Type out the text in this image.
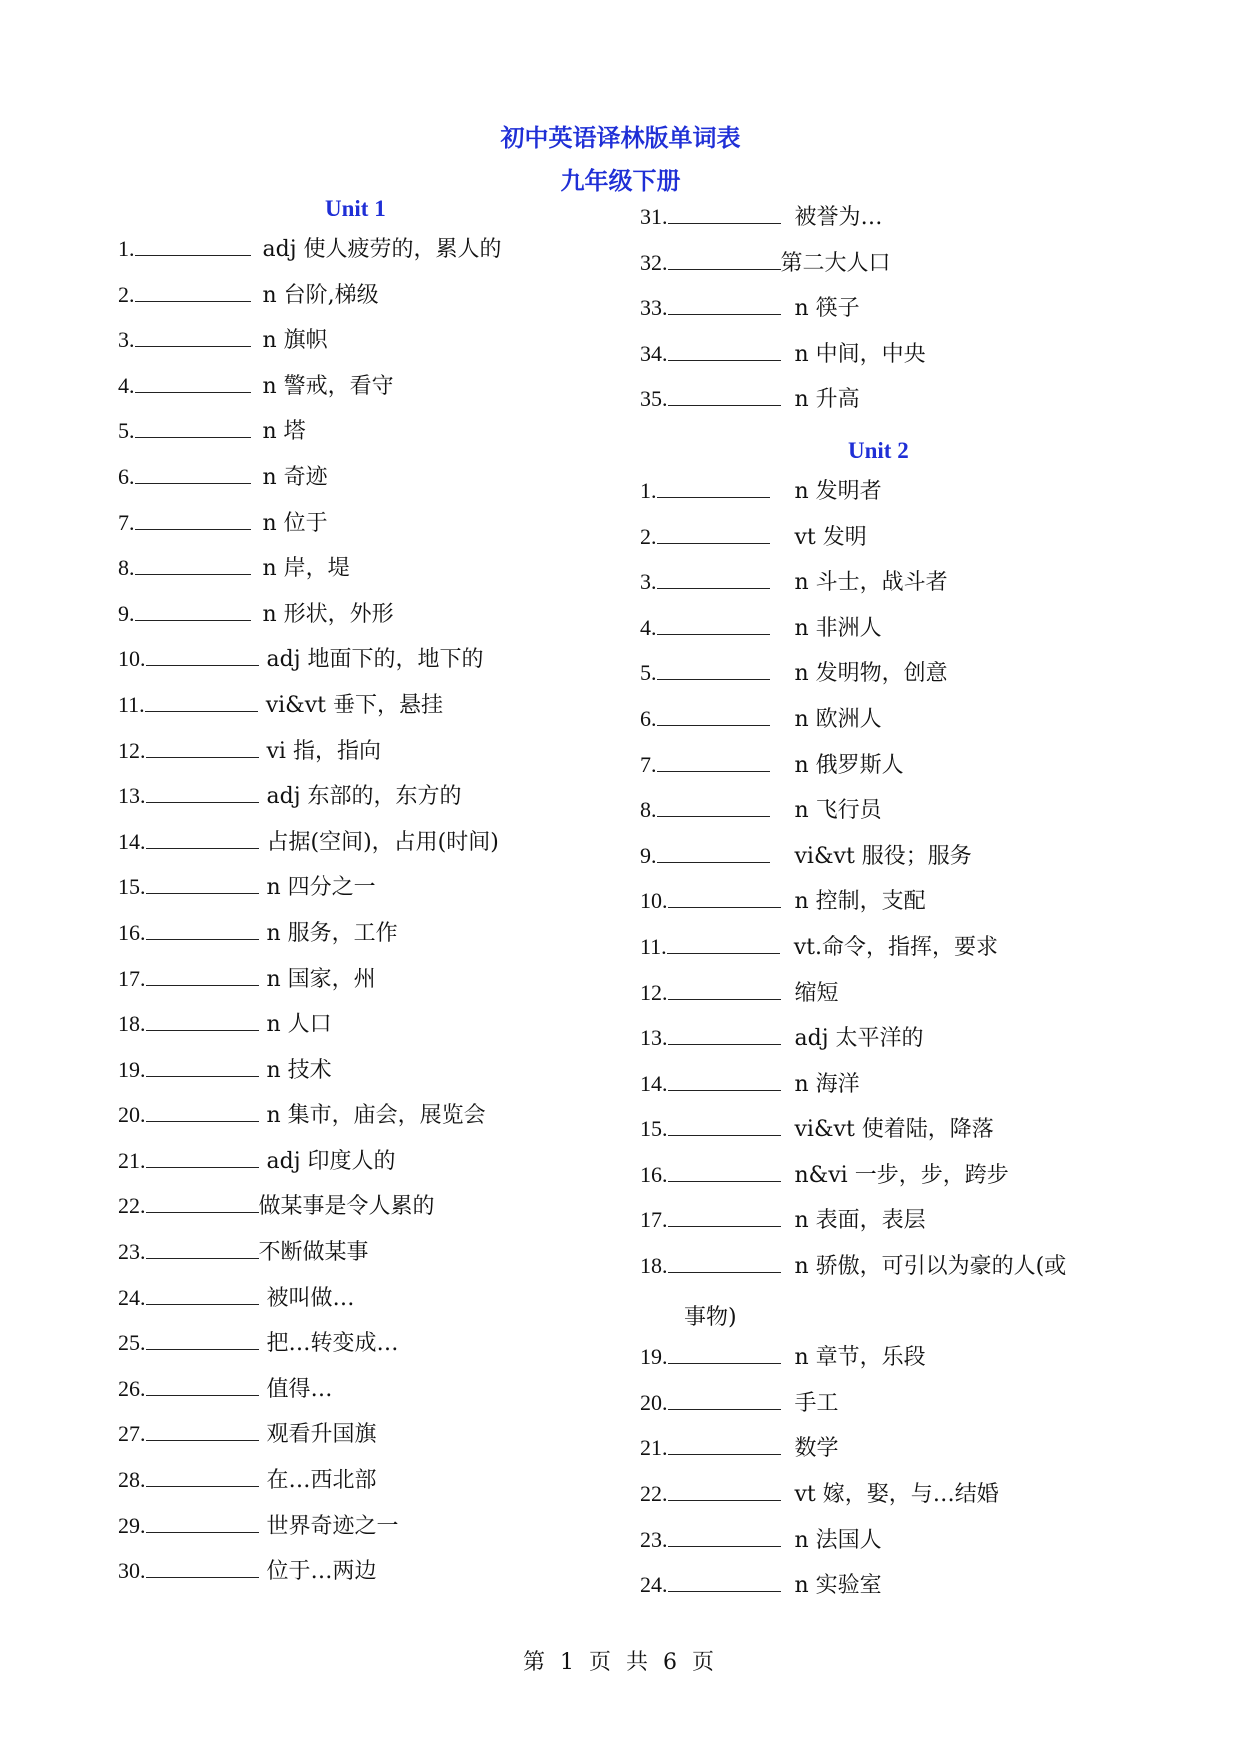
初中英语译林版单词表
九年级下册
Unit 1
1.	adj 使人疲劳的，累人的
2.	n 台阶,梯级
3.	n 旗帜
4.	n 警戒，看守
5.	n 塔
6.	n 奇迹
7.	n 位于
8.	n 岸，堤
9.	n 形状，外形
10.	adj 地面下的，地下的
11.	vi&vt 垂下，悬挂
12.	vi 指，指向
13.	adj 东部的，东方的
14.	占据(空间)，占用(时间)
15.	n 四分之一
16.	n 服务，工作
17.	n 国家，州
18.	n 人口
19.	n 技术
20.	n 集市，庙会，展览会
21.	adj 印度人的
22.	做某事是令人累的
23.	不断做某事
24.	被叫做…
25.	把…转变成…
26.	值得…
27.	观看升国旗
28.	在…西北部
29.	世界奇迹之一
30.	位于…两边
31.	被誉为…
32.	第二大人口
33.	n 筷子
34.	n 中间，中央
35.	n 升高
Unit 2
1.	n 发明者
2.	vt 发明
3.	n 斗士，战斗者
4.	n 非洲人
5.	n 发明物，创意
6.	n 欧洲人
7.	n 俄罗斯人
8.	n 飞行员
9.	vi&vt 服役；服务
10.	n 控制，支配
11.	vt.命令，指挥，要求
12.	缩短
13.	adj 太平洋的
14.	n 海洋
15.	vi&vt 使着陆，降落
16.	n&vi 一步，步，跨步
17.	n 表面，表层
18.	n 骄傲，可引以为豪的人(或
事物)
19.	n 章节，乐段
20.	手工
21.	数学
22.	vt 嫁，娶，与…结婚
23.	n 法国人
24.	n 实验室
第 1 页 共 6 页
